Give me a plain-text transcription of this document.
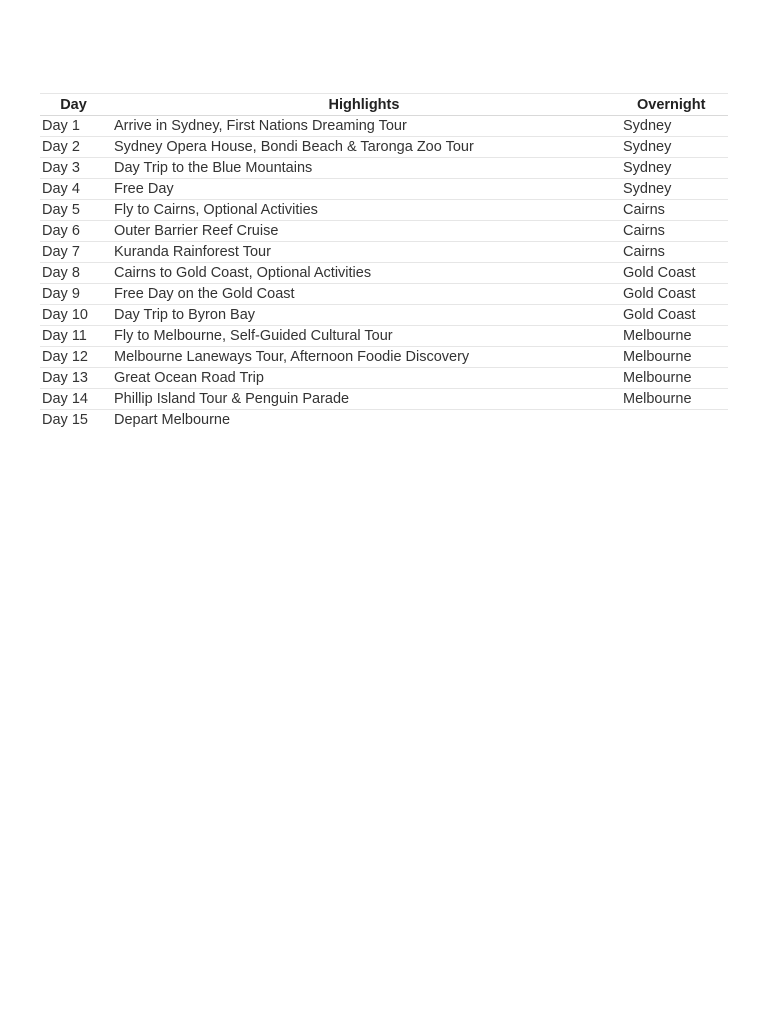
Day	Highlights	Overnight
Day 1	Arrive in Sydney, First Nations Dreaming Tour	Sydney
Day 2	Sydney Opera House, Bondi Beach & Taronga Zoo Tour	Sydney
Day 3	Day Trip to the Blue Mountains	Sydney
Day 4	Free Day	Sydney
Day 5	Fly to Cairns, Optional Activities	Cairns
Day 6	Outer Barrier Reef Cruise	Cairns
Day 7	Kuranda Rainforest Tour	Cairns
Day 8	Cairns to Gold Coast, Optional Activities	Gold Coast
Day 9	Free Day on the Gold Coast	Gold Coast
Day 10	Day Trip to Byron Bay	Gold Coast
Day 11	Fly to Melbourne, Self-Guided Cultural Tour	Melbourne
Day 12	Melbourne Laneways Tour, Afternoon Foodie Discovery	Melbourne
Day 13	Great Ocean Road Trip	Melbourne
Day 14	Phillip Island Tour & Penguin Parade	Melbourne
Day 15	Depart Melbourne	
